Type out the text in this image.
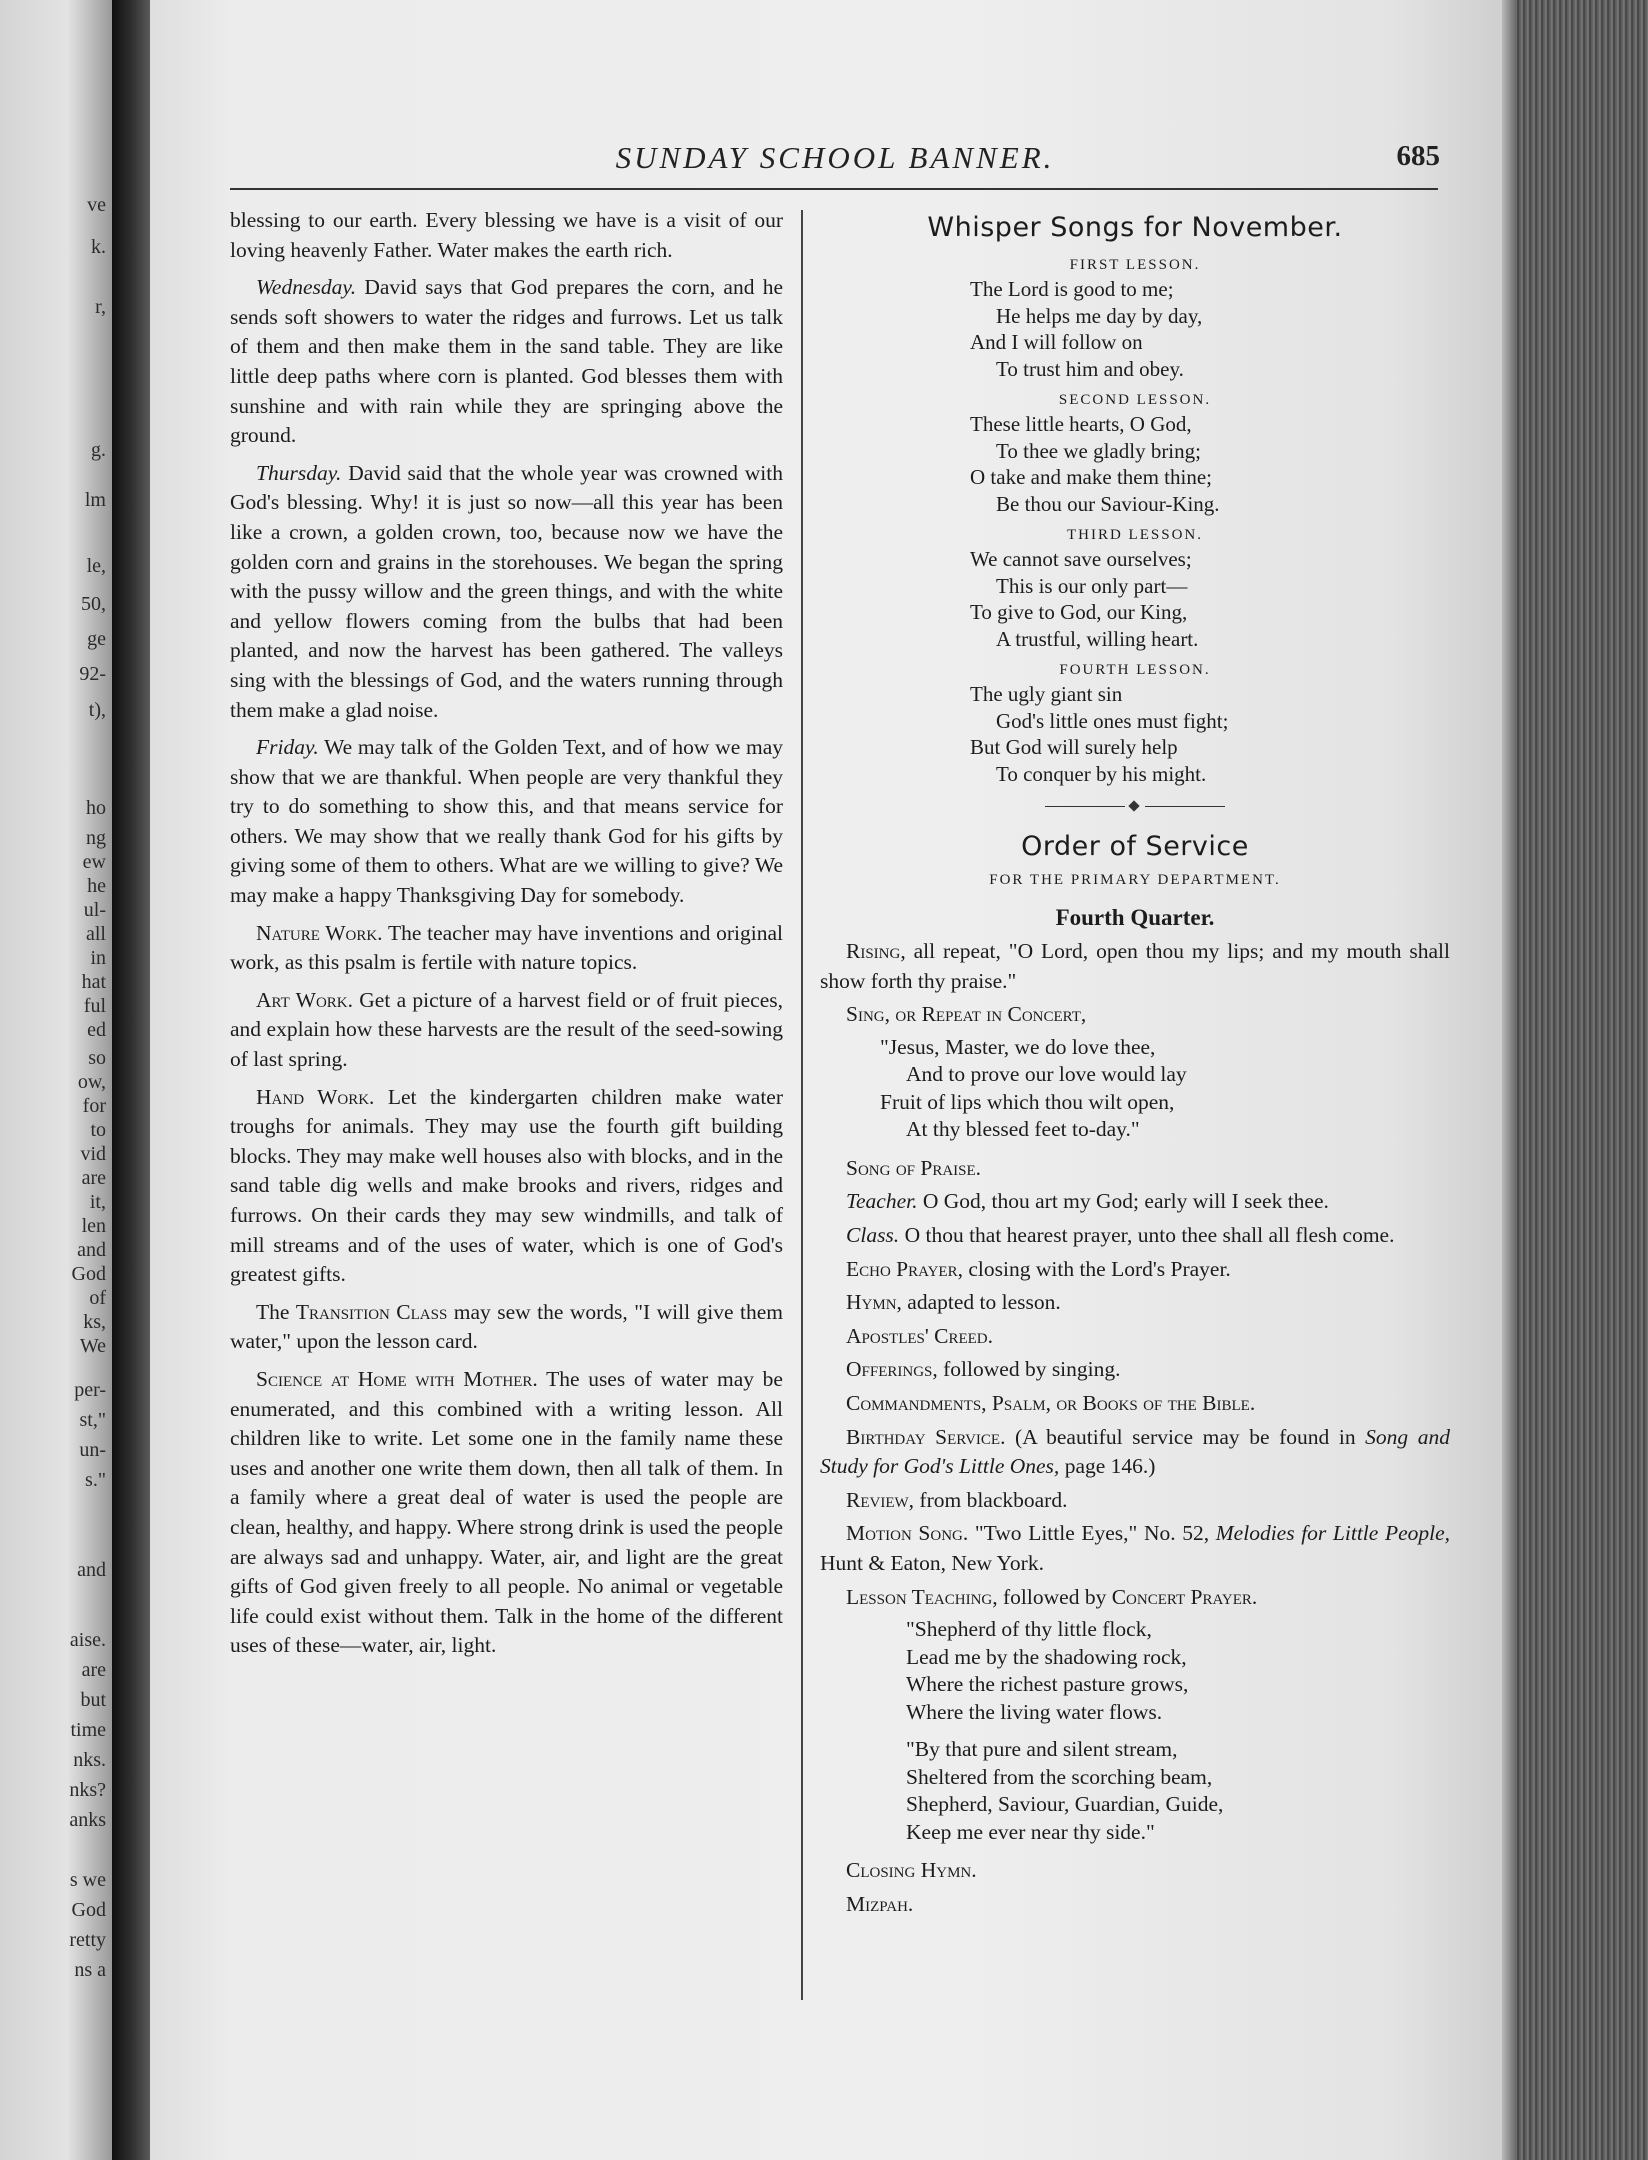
ve
k.
r,
g.
lm
le,
50,
ge
92-
t),
ho
ng
ew
he
ul-
all
in
hat
ful
ed
so
ow,
for
to
vid
are
it,
len
and
God
of
ks,
We
per-
st,"
un-
s."
and
aise.
are
but
time
nks.
nks?
anks
s we
God
retty
ns a
SUNDAY SCHOOL BANNER.	685

blessing to our earth. Every blessing we have is a visit of our loving heavenly Father. Water makes the earth rich.

Wednesday. David says that God prepares the corn, and he sends soft showers to water the ridges and furrows. Let us talk of them and then make them in the sand table. They are like little deep paths where corn is planted. God blesses them with sunshine and with rain while they are springing above the ground.

Thursday. David said that the whole year was crowned with God's blessing. Why! it is just so now—all this year has been like a crown, a golden crown, too, because now we have the golden corn and grains in the storehouses. We began the spring with the pussy willow and the green things, and with the white and yellow flowers coming from the bulbs that had been planted, and now the harvest has been gathered. The valleys sing with the blessings of God, and the waters running through them make a glad noise.

Friday. We may talk of the Golden Text, and of how we may show that we are thankful. When people are very thankful they try to do something to show this, and that means service for others. We may show that we really thank God for his gifts by giving some of them to others. What are we willing to give? We may make a happy Thanksgiving Day for somebody.

Nature Work. The teacher may have inventions and original work, as this psalm is fertile with nature topics.

Art Work. Get a picture of a harvest field or of fruit pieces, and explain how these harvests are the result of the seed-sowing of last spring.

Hand Work. Let the kindergarten children make water troughs for animals. They may use the fourth gift building blocks. They may make well houses also with blocks, and in the sand table dig wells and make brooks and rivers, ridges and furrows. On their cards they may sew windmills, and talk of mill streams and of the uses of water, which is one of God's greatest gifts.

The Transition Class may sew the words, "I will give them water," upon the lesson card.

Science at Home with Mother. The uses of water may be enumerated, and this combined with a writing lesson. All children like to write. Let some one in the family name these uses and another one write them down, then all talk of them. In a family where a great deal of water is used the people are clean, healthy, and happy. Where strong drink is used the people are always sad and unhappy. Water, air, and light are the great gifts of God given freely to all people. No animal or vegetable life could exist without them. Talk in the home of the different uses of these—water, air, light.

Whisper Songs for November.
FIRST LESSON.
The Lord is good to me;
He helps me day by day,
And I will follow on
To trust him and obey.
SECOND LESSON.
These little hearts, O God,
To thee we gladly bring;
O take and make them thine;
Be thou our Saviour-King.
THIRD LESSON.
We cannot save ourselves;
This is our only part—
To give to God, our King,
A trustful, willing heart.
FOURTH LESSON.
The ugly giant sin
God's little ones must fight;
But God will surely help
To conquer by his might.
Order of Service
FOR THE PRIMARY DEPARTMENT.
Fourth Quarter.

Rising, all repeat, "O Lord, open thou my lips; and my mouth shall show forth thy praise."

Sing, or Repeat in Concert,

"Jesus, Master, we do love thee,
And to prove our love would lay
Fruit of lips which thou wilt open,
At thy blessed feet to-day."

Song of Praise.

Teacher. O God, thou art my God; early will I seek thee.

Class. O thou that hearest prayer, unto thee shall all flesh come.

Echo Prayer, closing with the Lord's Prayer.

Hymn, adapted to lesson.

Apostles' Creed.

Offerings, followed by singing.

Commandments, Psalm, or Books of the Bible.

Birthday Service. (A beautiful service may be found in Song and Study for God's Little Ones, page 146.)

Review, from blackboard.

Motion Song. "Two Little Eyes," No. 52, Melodies for Little People, Hunt & Eaton, New York.

Lesson Teaching, followed by Concert Prayer.

"Shepherd of thy little flock,
Lead me by the shadowing rock,
Where the richest pasture grows,
Where the living water flows.
"By that pure and silent stream,
Sheltered from the scorching beam,
Shepherd, Saviour, Guardian, Guide,
Keep me ever near thy side."

Closing Hymn.

Mizpah.
